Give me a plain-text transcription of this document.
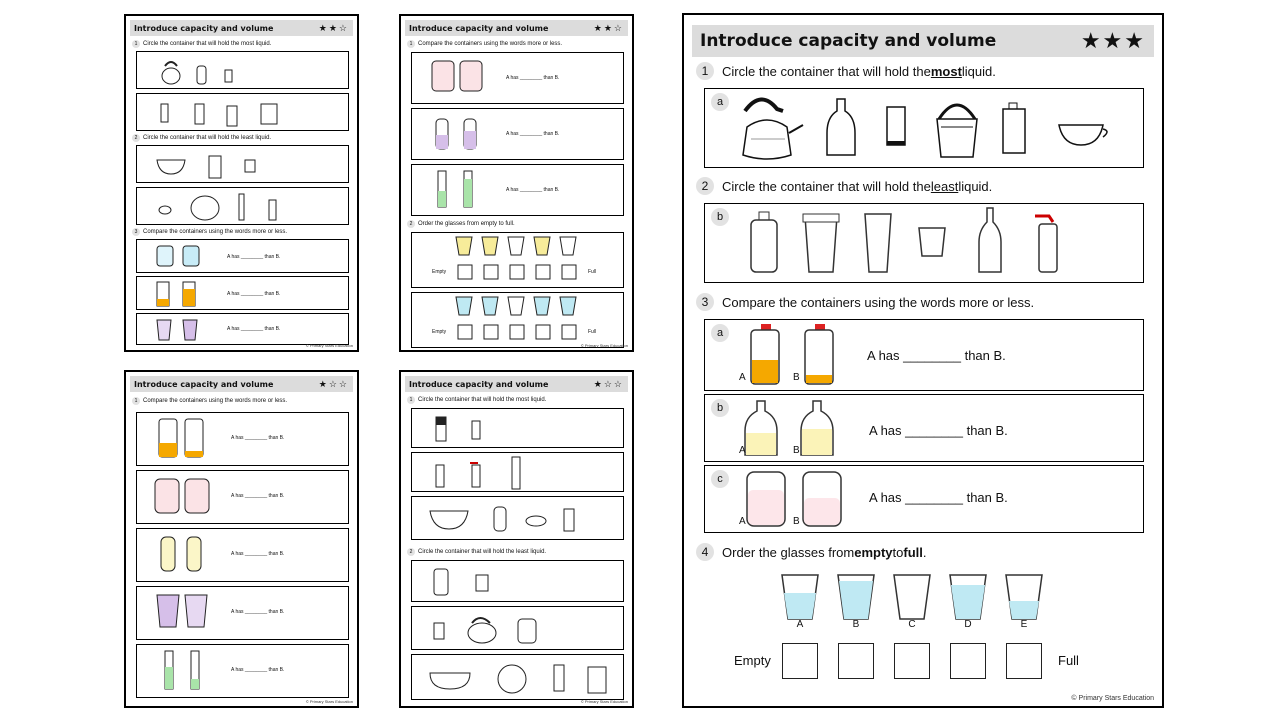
Introduce capacity and volume	★★☆
1 Circle the container that will hold the most liquid.
2 Circle the container that will hold the least liquid.
3 Compare the containers using the words more or less.
A has ________ than B.
A has ________ than B.
A has ________ than B.
© Primary Stars Education
Introduce capacity and volume	★★☆
1 Compare the containers using the words more or less.
A has ________ than B.
A has ________ than B.
A has ________ than B.
2 Order the glasses from empty to full.
Empty	Full
Empty	Full
© Primary Stars Education
Introduce capacity and volume	★☆☆
1 Compare the containers using the words more or less.
A has ________ than B.
A has ________ than B.
A has ________ than B.
A has ________ than B.
A has ________ than B.
© Primary Stars Education
Introduce capacity and volume	★☆☆
1 Circle the container that will hold the most liquid.
2 Circle the container that will hold the least liquid.
© Primary Stars Education
Introduce capacity and volume	★★★
1	Circle the container that will hold the most liquid.
a
2	Circle the container that will hold the least liquid.
b
3	Compare the containers using the words more or less.
a
A	B
A has ________ than B.
b
A	B
A has ________ than B.
c
A	B
A has ________ than B.
4	Order the glasses from empty to full .
A	B	C	D	E
Empty	Full
© Primary Stars Education
